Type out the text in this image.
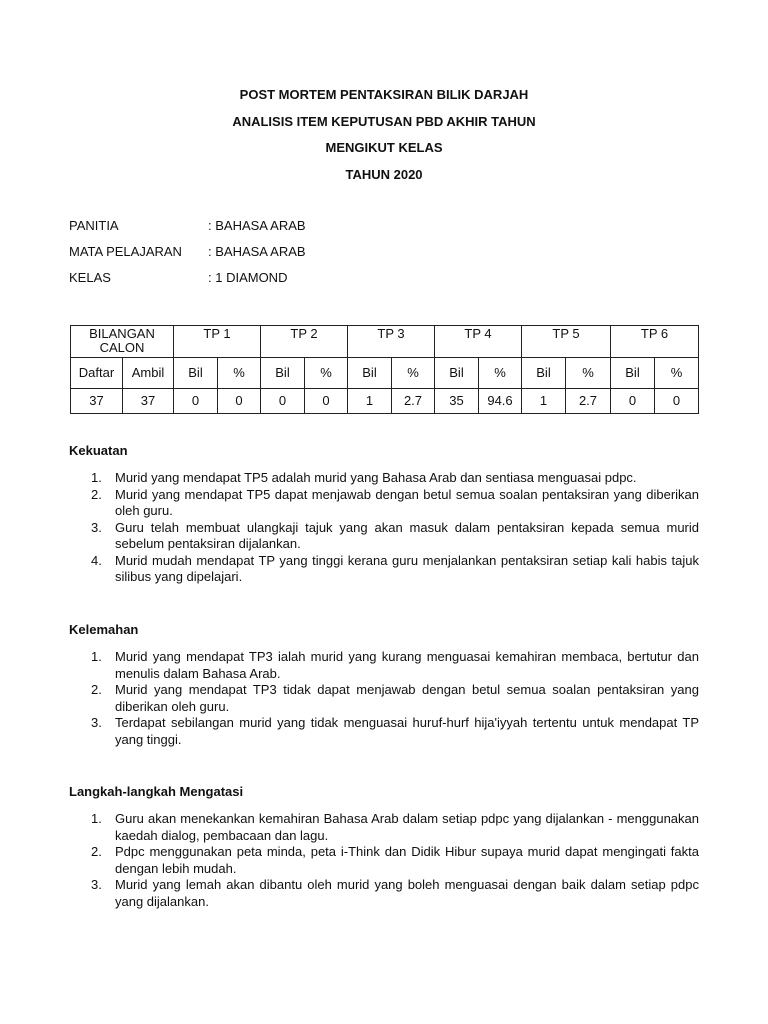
POST MORTEM PENTAKSIRAN BILIK DARJAH
ANALISIS ITEM KEPUTUSAN PBD AKHIR TAHUN
MENGIKUT KELAS
TAHUN 2020
PANITIA	: BAHASA ARAB
MATA PELAJARAN	: BAHASA ARAB
KELAS	: 1 DIAMOND
BILANGAN CALON		TP 1		TP 2		TP 3		TP 4		TP 5		TP 6	
Daftar	Ambil	Bil	%	Bil	%	Bil	%	Bil	%	Bil	%	Bil	%
37	37	0	0	0	0	1	2.7	35	94.6	1	2.7	0	0
Kekuatan
1.	Murid yang mendapat TP5 adalah murid yang Bahasa Arab dan sentiasa menguasai pdpc.
2.	Murid yang mendapat TP5 dapat menjawab dengan betul semua soalan pentaksiran yang diberikan oleh guru.
3.	Guru telah membuat ulangkaji tajuk yang akan masuk dalam pentaksiran kepada semua murid sebelum pentaksiran dijalankan.
4.	Murid mudah mendapat TP yang tinggi kerana guru menjalankan pentaksiran setiap kali habis tajuk silibus yang dipelajari.
Kelemahan
1.	Murid yang mendapat TP3 ialah murid yang kurang menguasai kemahiran membaca, bertutur dan menulis dalam Bahasa Arab.
2.	Murid yang mendapat TP3 tidak dapat menjawab dengan betul semua soalan pentaksiran yang diberikan oleh guru.
3.	Terdapat sebilangan murid yang tidak menguasai huruf-hurf hija'iyyah tertentu untuk mendapat TP yang tinggi.
Langkah-langkah Mengatasi
1.	Guru akan menekankan kemahiran Bahasa Arab dalam setiap pdpc yang dijalankan - menggunakan kaedah dialog, pembacaan dan lagu.
2.	Pdpc menggunakan peta minda, peta i-Think dan Didik Hibur supaya murid dapat mengingati fakta dengan lebih mudah.
3.	Murid yang lemah akan dibantu oleh murid yang boleh menguasai dengan baik dalam setiap pdpc yang dijalankan.
